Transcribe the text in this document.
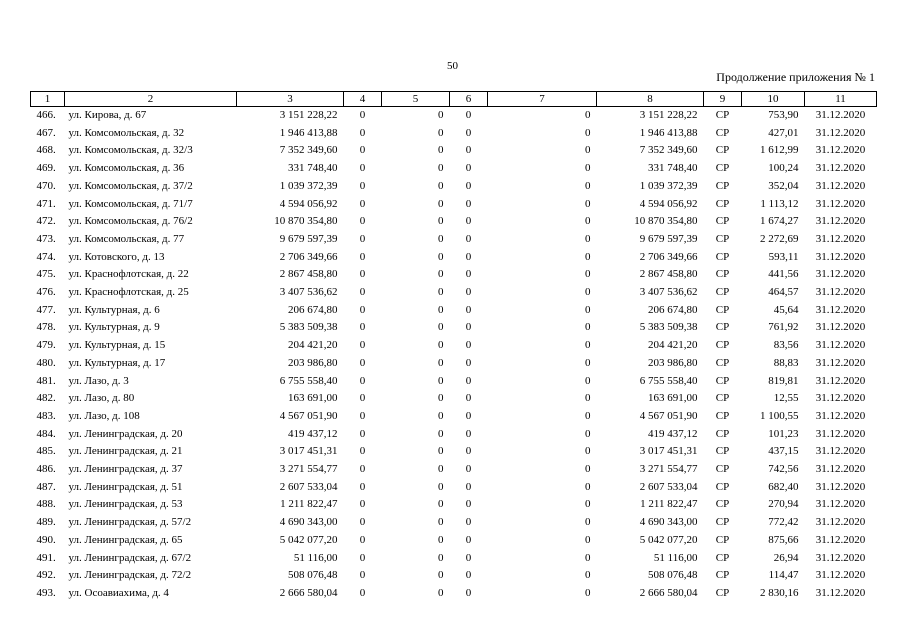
50
Продолжение приложения № 1
1	2	3	4	5	6	7	8	9	10	11
466.	ул. Кирова, д. 67	3 151 228,22	0	0	0	0	3 151 228,22	СР	753,90	31.12.2020
467.	ул. Комсомольская, д. 32	1 946 413,88	0	0	0	0	1 946 413,88	СР	427,01	31.12.2020
468.	ул. Комсомольская, д. 32/3	7 352 349,60	0	0	0	0	7 352 349,60	СР	1 612,99	31.12.2020
469.	ул. Комсомольская, д. 36	331 748,40	0	0	0	0	331 748,40	СР	100,24	31.12.2020
470.	ул. Комсомольская, д. 37/2	1 039 372,39	0	0	0	0	1 039 372,39	СР	352,04	31.12.2020
471.	ул. Комсомольская, д. 71/7	4 594 056,92	0	0	0	0	4 594 056,92	СР	1 113,12	31.12.2020
472.	ул. Комсомольская, д. 76/2	10 870 354,80	0	0	0	0	10 870 354,80	СР	1 674,27	31.12.2020
473.	ул. Комсомольская, д. 77	9 679 597,39	0	0	0	0	9 679 597,39	СР	2 272,69	31.12.2020
474.	ул. Котовского, д. 13	2 706 349,66	0	0	0	0	2 706 349,66	СР	593,11	31.12.2020
475.	ул. Краснофлотская, д. 22	2 867 458,80	0	0	0	0	2 867 458,80	СР	441,56	31.12.2020
476.	ул. Краснофлотская, д. 25	3 407 536,62	0	0	0	0	3 407 536,62	СР	464,57	31.12.2020
477.	ул. Культурная, д. 6	206 674,80	0	0	0	0	206 674,80	СР	45,64	31.12.2020
478.	ул. Культурная, д. 9	5 383 509,38	0	0	0	0	5 383 509,38	СР	761,92	31.12.2020
479.	ул. Культурная, д. 15	204 421,20	0	0	0	0	204 421,20	СР	83,56	31.12.2020
480.	ул. Культурная, д. 17	203 986,80	0	0	0	0	203 986,80	СР	88,83	31.12.2020
481.	ул. Лазо, д. 3	6 755 558,40	0	0	0	0	6 755 558,40	СР	819,81	31.12.2020
482.	ул. Лазо, д. 80	163 691,00	0	0	0	0	163 691,00	СР	12,55	31.12.2020
483.	ул. Лазо, д. 108	4 567 051,90	0	0	0	0	4 567 051,90	СР	1 100,55	31.12.2020
484.	ул. Ленинградская, д. 20	419 437,12	0	0	0	0	419 437,12	СР	101,23	31.12.2020
485.	ул. Ленинградская, д. 21	3 017 451,31	0	0	0	0	3 017 451,31	СР	437,15	31.12.2020
486.	ул. Ленинградская, д. 37	3 271 554,77	0	0	0	0	3 271 554,77	СР	742,56	31.12.2020
487.	ул. Ленинградская, д. 51	2 607 533,04	0	0	0	0	2 607 533,04	СР	682,40	31.12.2020
488.	ул. Ленинградская, д. 53	1 211 822,47	0	0	0	0	1 211 822,47	СР	270,94	31.12.2020
489.	ул. Ленинградская, д. 57/2	4 690 343,00	0	0	0	0	4 690 343,00	СР	772,42	31.12.2020
490.	ул. Ленинградская, д. 65	5 042 077,20	0	0	0	0	5 042 077,20	СР	875,66	31.12.2020
491.	ул. Ленинградская, д. 67/2	51 116,00	0	0	0	0	51 116,00	СР	26,94	31.12.2020
492.	ул. Ленинградская, д. 72/2	508 076,48	0	0	0	0	508 076,48	СР	114,47	31.12.2020
493.	ул. Осоавиахима, д. 4	2 666 580,04	0	0	0	0	2 666 580,04	СР	2 830,16	31.12.2020
